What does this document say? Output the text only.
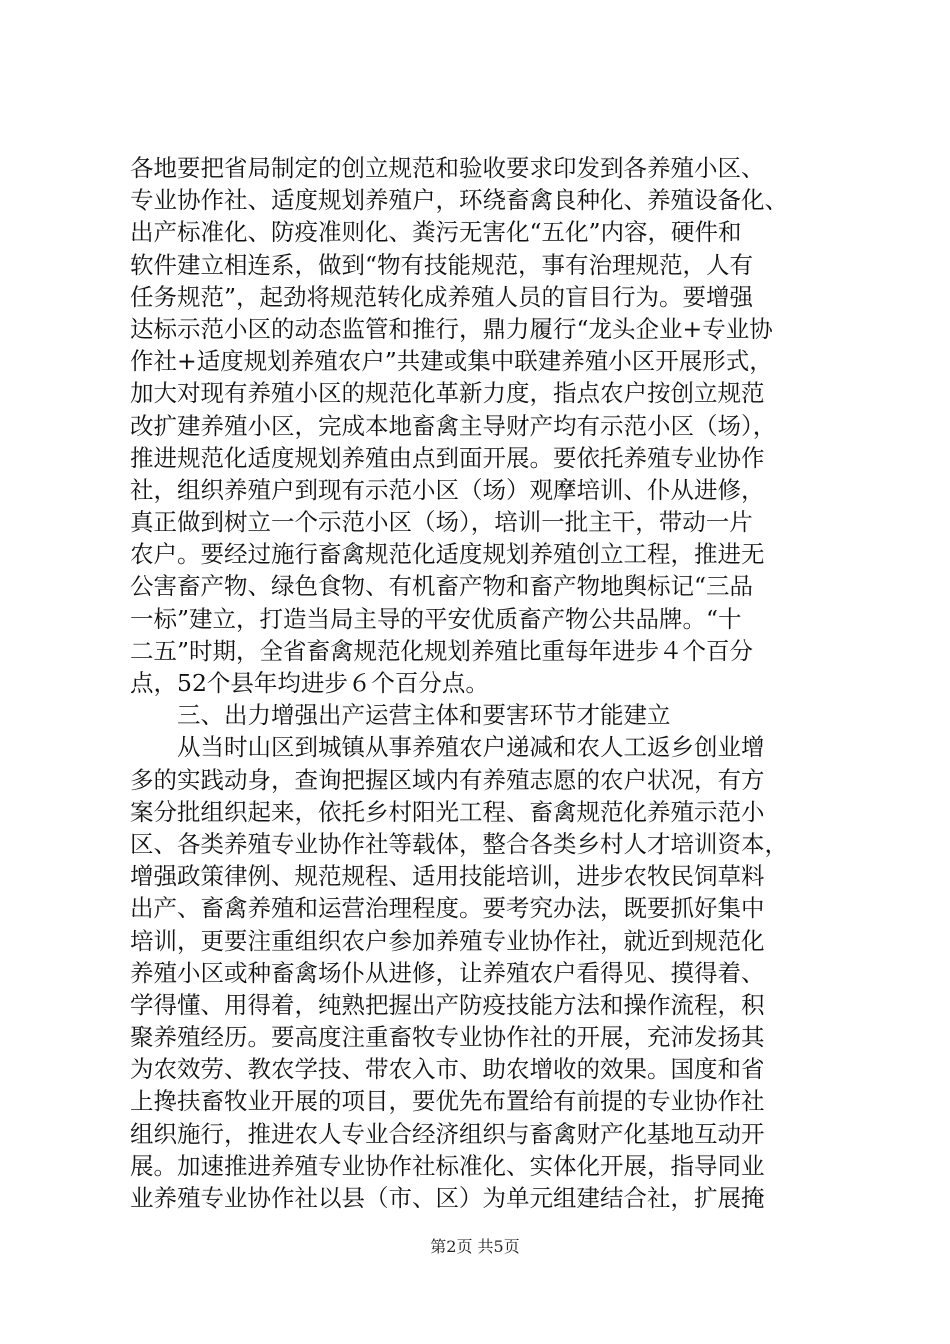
各地要把省局制定的创立规范和验收要求印发到各养殖小区、
专业协作社、适度规划养殖户，环绕畜禽良种化、养殖设备化、
出产标准化、防疫准则化、粪污无害化“五化”内容，硬件和
软件建立相连系，做到“物有技能规范，事有治理规范，人有
任务规范”，起劲将规范转化成养殖人员的盲目行为。要增强
达标示范小区的动态监管和推行，鼎力履行“龙头企业+专业协
作社+适度规划养殖农户”共建或集中联建养殖小区开展形式，
加大对现有养殖小区的规范化革新力度，指点农户按创立规范
改扩建养殖小区，完成本地畜禽主导财产均有示范小区（场），
推进规范化适度规划养殖由点到面开展。要依托养殖专业协作
社，组织养殖户到现有示范小区（场）观摩培训、仆从进修，
真正做到树立一个示范小区（场），培训一批主干，带动一片
农户。要经过施行畜禽规范化适度规划养殖创立工程，推进无
公害畜产物、绿色食物、有机畜产物和畜产物地舆标记“三品
一标”建立，打造当局主导的平安优质畜产物公共品牌。“十
二五”时期，全省畜禽规范化规划养殖比重每年进步４个百分
点，52个县年均进步６个百分点。
三、出力增强出产运营主体和要害环节才能建立
从当时山区到城镇从事养殖农户递减和农人工返乡创业增
多的实践动身，查询把握区域内有养殖志愿的农户状况，有方
案分批组织起来，依托乡村阳光工程、畜禽规范化养殖示范小
区、各类养殖专业协作社等载体，整合各类乡村人才培训资本，
增强政策律例、规范规程、适用技能培训，进步农牧民饲草料
出产、畜禽养殖和运营治理程度。要考究办法，既要抓好集中
培训，更要注重组织农户参加养殖专业协作社，就近到规范化
养殖小区或种畜禽场仆从进修，让养殖农户看得见、摸得着、
学得懂、用得着，纯熟把握出产防疫技能方法和操作流程，积
聚养殖经历。要高度注重畜牧专业协作社的开展，充沛发扬其
为农效劳、教农学技、带农入市、助农增收的效果。国度和省
上搀扶畜牧业开展的项目，要优先布置给有前提的专业协作社
组织施行，推进农人专业合经济组织与畜禽财产化基地互动开
展。加速推进养殖专业协作社标准化、实体化开展，指导同业
业养殖专业协作社以县（市、区）为单元组建结合社，扩展掩
第2页 共5页
